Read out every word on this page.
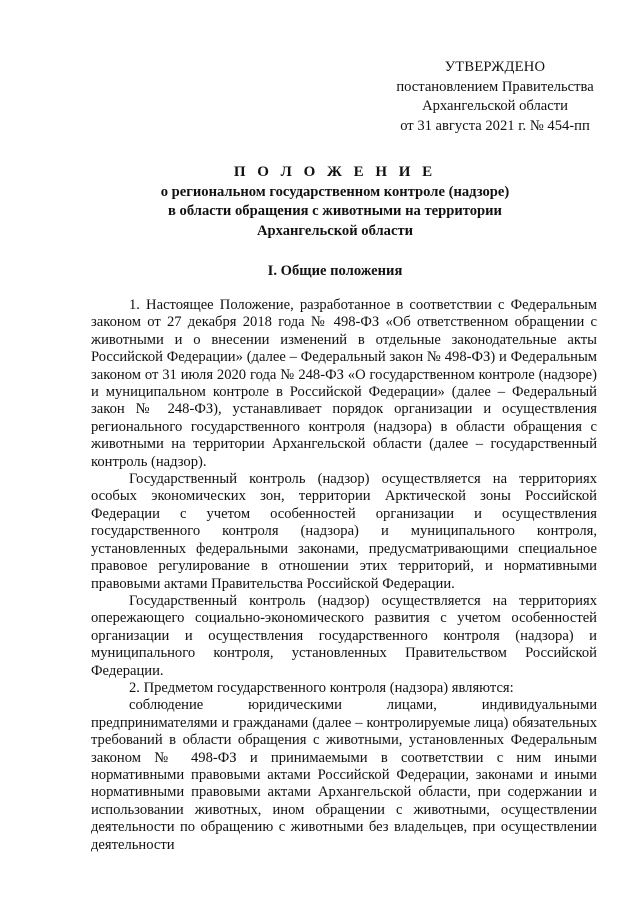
УТВЕРЖДЕНО
постановлением Правительства
Архангельской области
от 31 августа 2021 г. № 454-пп
П О Л О Ж Е Н И Е
о региональном государственном контроле (надзоре)
в области обращения с животными на территории
Архангельской области
I. Общие положения

1. Настоящее Положение, разработанное в соответствии с Федеральным законом от 27 декабря 2018 года № 498-ФЗ «Об ответственном обращении с животными и о внесении изменений в отдельные законодательные акты Российской Федерации» (далее – Федеральный закон № 498-ФЗ) и Федеральным законом от 31 июля 2020 года № 248-ФЗ «О государственном контроле (надзоре) и муниципальном контроле в Российской Федерации» (далее – Федеральный закон № 248-ФЗ), устанавливает порядок организации и осуществления регионального государственного контроля (надзора) в области обращения с животными на территории Архангельской области (далее – государственный контроль (надзор).

Государственный контроль (надзор) осуществляется на территориях особых экономических зон, территории Арктической зоны Российской Федерации с учетом особенностей организации и осуществления государственного контроля (надзора) и муниципального контроля, установленных федеральными законами, предусматривающими специальное правовое регулирование в отношении этих территорий, и нормативными правовыми актами Правительства Российской Федерации.

Государственный контроль (надзор) осуществляется на территориях опережающего социально-экономического развития с учетом особенностей организации и осуществления государственного контроля (надзора) и муниципального контроля, установленных Правительством Российской Федерации.

2. Предметом государственного контроля (надзора) являются:

соблюдение юридическими лицами, индивидуальными предпринимателями и гражданами (далее – контролируемые лица) обязательных требований в области обращения с животными, установленных Федеральным законом № 498-ФЗ и принимаемыми в соответствии с ним иными нормативными правовыми актами Российской Федерации, законами и иными нормативными правовыми актами Архангельской области, при содержании и использовании животных, ином обращении с животными, осуществлении деятельности по обращению с животными без владельцев, при осуществлении деятельности
